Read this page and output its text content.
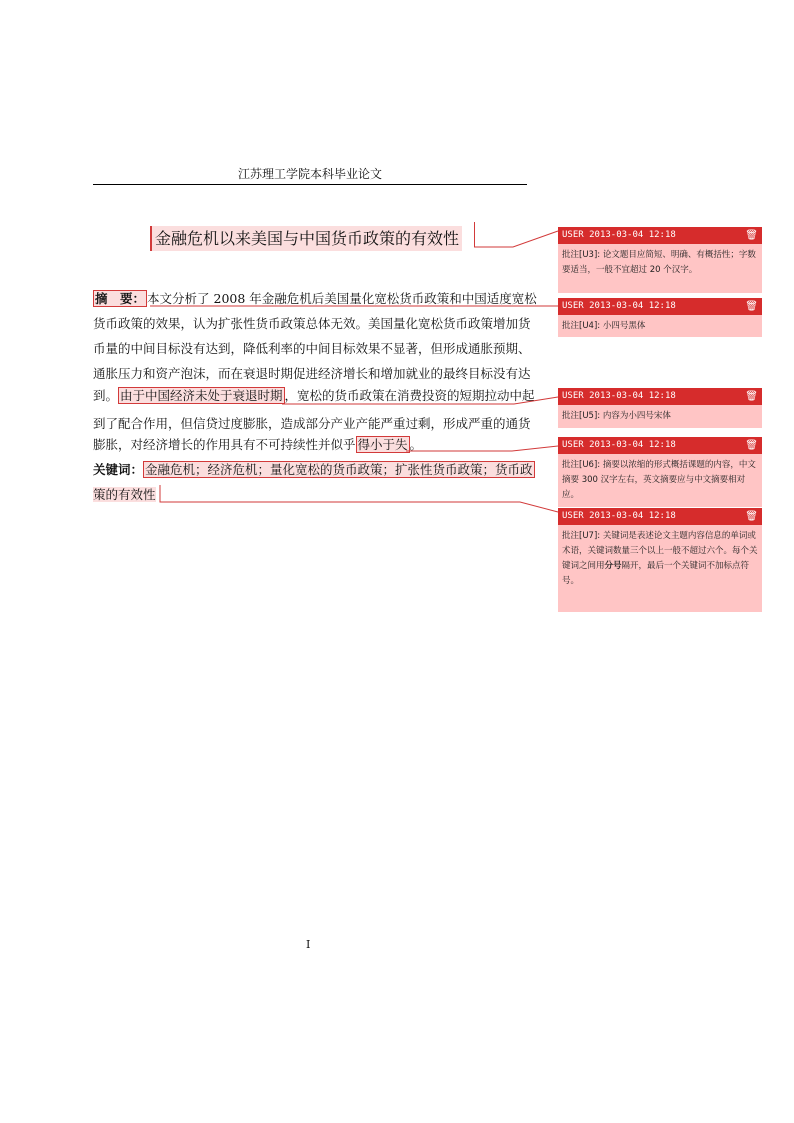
江苏理工学院本科毕业论文
金融危机以来美国与中国货币政策的有效性
摘　要： 本文分析了 2008 年金融危机后美国量化宽松货币政策和中国适度宽松
货币政策的效果，认为扩张性货币政策总体无效。美国量化宽松货币政策增加货
币量的中间目标没有达到，降低利率的中间目标效果不显著，但形成通胀预期、
通胀压力和资产泡沫，而在衰退时期促进经济增长和增加就业的最终目标没有达
到。 由于中国经济未处于衰退时期 ，宽松的货币政策在消费投资的短期拉动中起
到了配合作用，但信贷过度膨胀，造成部分产业产能严重过剩，形成严重的通货
膨胀，对经济增长的作用具有不可持续性并似乎 得小于失 。
关键词： 金融危机；经济危机；量化宽松的货币政策；扩张性货币政策；货币政
策的有效性
I
USER 2013-03-04 12:18	🗑
批注[U3]: 论文题目应简短、明确、有概括性；字数要适当，一般不宜超过 20 个汉字。
USER 2013-03-04 12:18	🗑
批注[U4]: 小四号黑体
USER 2013-03-04 12:18	🗑
批注[U5]: 内容为小四号宋体
USER 2013-03-04 12:18	🗑
批注[U6]: 摘要以浓缩的形式概括课题的内容，中文摘要 300 汉字左右，英文摘要应与中文摘要相对应。
USER 2013-03-04 12:18	🗑
批注[U7]: 关键词是表述论文主题内容信息的单词或术语，关键词数量三个以上一般不超过六个。每个关键词之间用分号隔开，最后一个关键词不加标点符号。
